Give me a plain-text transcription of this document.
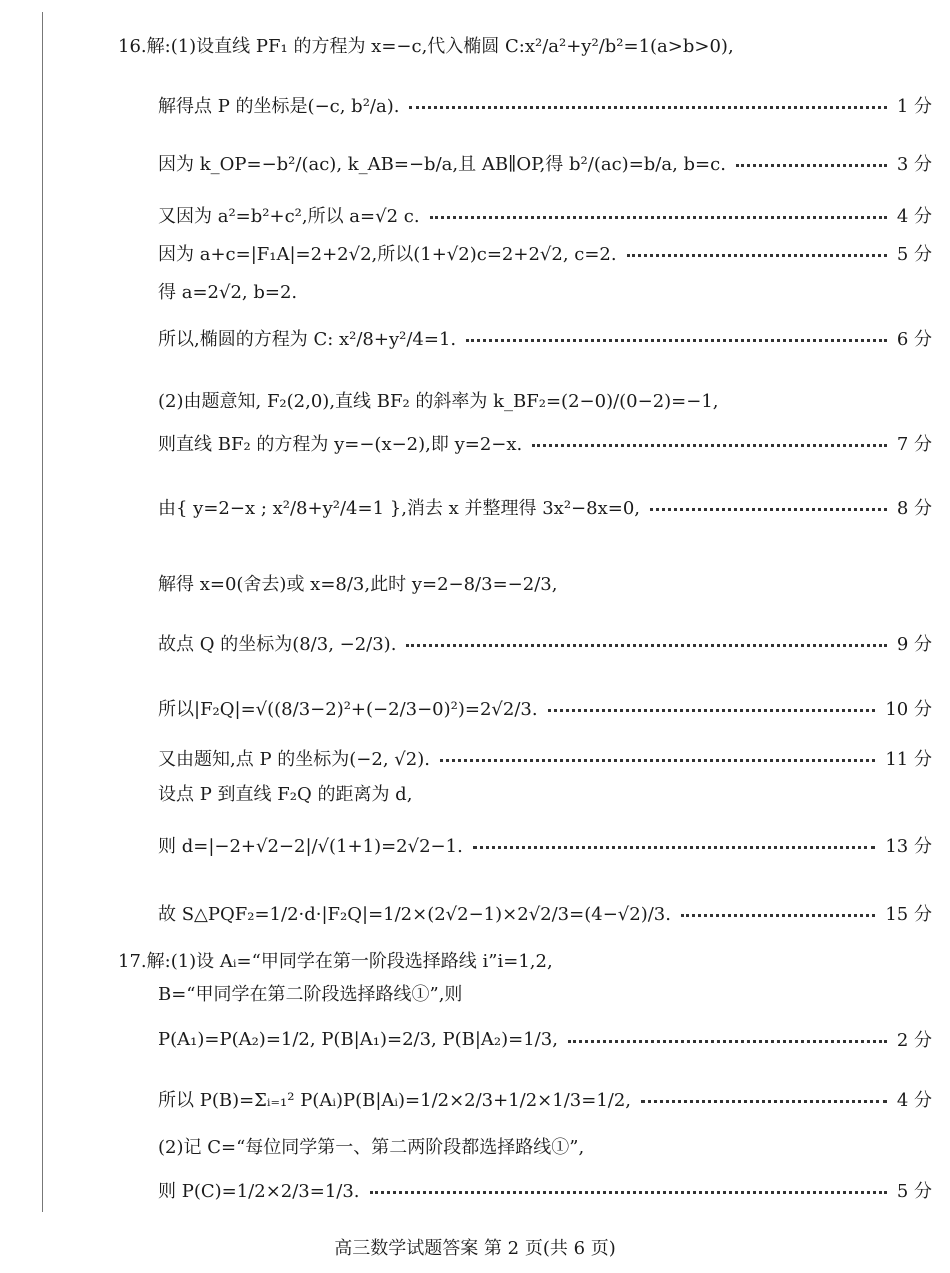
16.解:(1)设直线 PF₁ 的方程为 x=−c,代入椭圆 C:x²/a²+y²/b²=1(a>b>0),
解得点 P 的坐标是(−c, b²/a).	1 分
因为 k_OP=−b²/(ac), k_AB=−b/a,且 AB∥OP,得 b²/(ac)=b/a, b=c.	3 分
又因为 a²=b²+c²,所以 a=√2 c.	4 分
因为 a+c=|F₁A|=2+2√2,所以(1+√2)c=2+2√2, c=2.	5 分
得 a=2√2, b=2.
所以,椭圆的方程为 C: x²/8+y²/4=1.	6 分
(2)由题意知, F₂(2,0),直线 BF₂ 的斜率为 k_BF₂=(2−0)/(0−2)=−1,
则直线 BF₂ 的方程为 y=−(x−2),即 y=2−x.	7 分
由{ y=2−x ; x²/8+y²/4=1 },消去 x 并整理得 3x²−8x=0,	8 分
解得 x=0(舍去)或 x=8/3,此时 y=2−8/3=−2/3,
故点 Q 的坐标为(8/3, −2/3).	9 分
所以|F₂Q|=√((8/3−2)²+(−2/3−0)²)=2√2/3.	10 分
又由题知,点 P 的坐标为(−2, √2).	11 分
设点 P 到直线 F₂Q 的距离为 d,
则 d=|−2+√2−2|/√(1+1)=2√2−1.	13 分
故 S△PQF₂=1/2·d·|F₂Q|=1/2×(2√2−1)×2√2/3=(4−√2)/3.	15 分
17.解:(1)设 Aᵢ=“甲同学在第一阶段选择路线 i”i=1,2,
B=“甲同学在第二阶段选择路线①”,则
P(A₁)=P(A₂)=1/2, P(B|A₁)=2/3, P(B|A₂)=1/3,	2 分
所以 P(B)=Σᵢ₌₁² P(Aᵢ)P(B|Aᵢ)=1/2×2/3+1/2×1/3=1/2,	4 分
(2)记 C=“每位同学第一、第二两阶段都选择路线①”,
则 P(C)=1/2×2/3=1/3.	5 分
高三数学试题答案 第 2 页(共 6 页)
